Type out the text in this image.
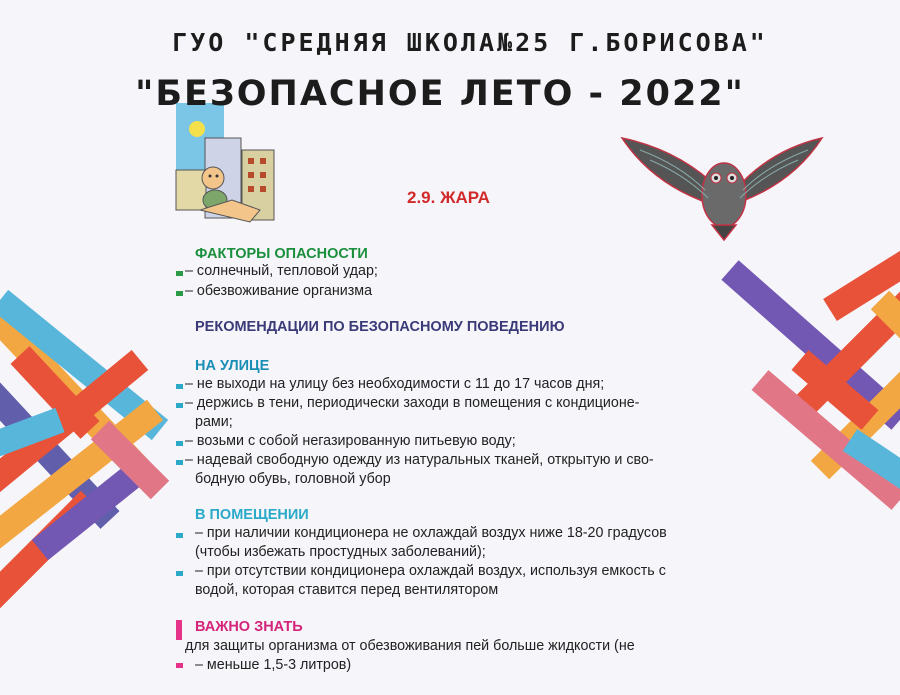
ГУО "СРЕДНЯЯ ШКОЛА№25 Г.БОРИСОВА"
"БЕЗОПАСНОЕ ЛЕТО - 2022"
2.9. ЖАРА
ФАКТОРЫ ОПАСНОСТИ
– солнечный, тепловой удар;
– обезвоживание организма
РЕКОМЕНДАЦИИ ПО БЕЗОПАСНОМУ ПОВЕДЕНИЮ
НА УЛИЦЕ
– не выходи на улицу без необходимости с 11 до 17 часов дня;
– держись в тени, периодически заходи в помещения с кондиционе-
рами;
– возьми с собой негазированную питьевую воду;
– надевай свободную одежду из натуральных тканей, открытую и сво-
бодную обувь, головной убор
В ПОМЕЩЕНИИ
– при наличии кондиционера не охлаждай воздух ниже 18-20 градусов
(чтобы избежать простудных заболеваний);
– при отсутствии кондиционера охлаждай воздух, используя емкость с
водой, которая ставится перед вентилятором
ВАЖНО ЗНАТЬ
для защиты организма от обезвоживания пей больше жидкости (не
– меньше 1,5-3 литров)
